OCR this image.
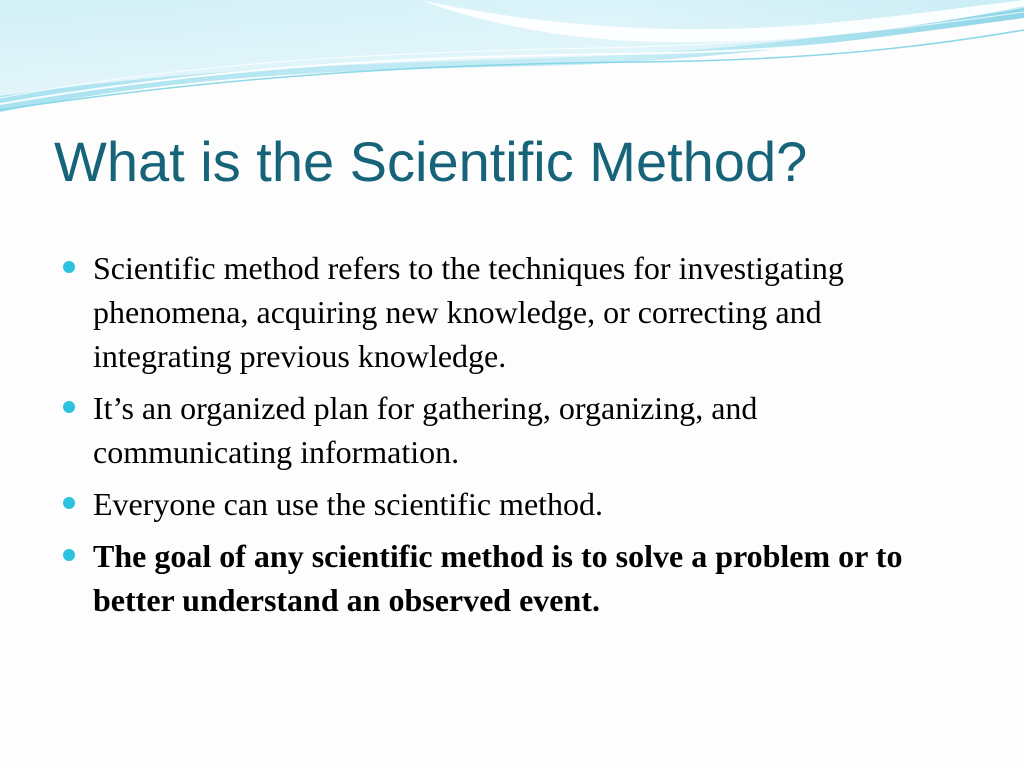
What is the Scientific Method?
Scientific method refers to the techniques for investigating phenomena, acquiring new knowledge, or correcting and integrating previous knowledge.
It’s an organized plan for gathering, organizing, and communicating information.
Everyone can use the scientific method.
The goal of any scientific method is to solve a problem or to better understand an observed event.
